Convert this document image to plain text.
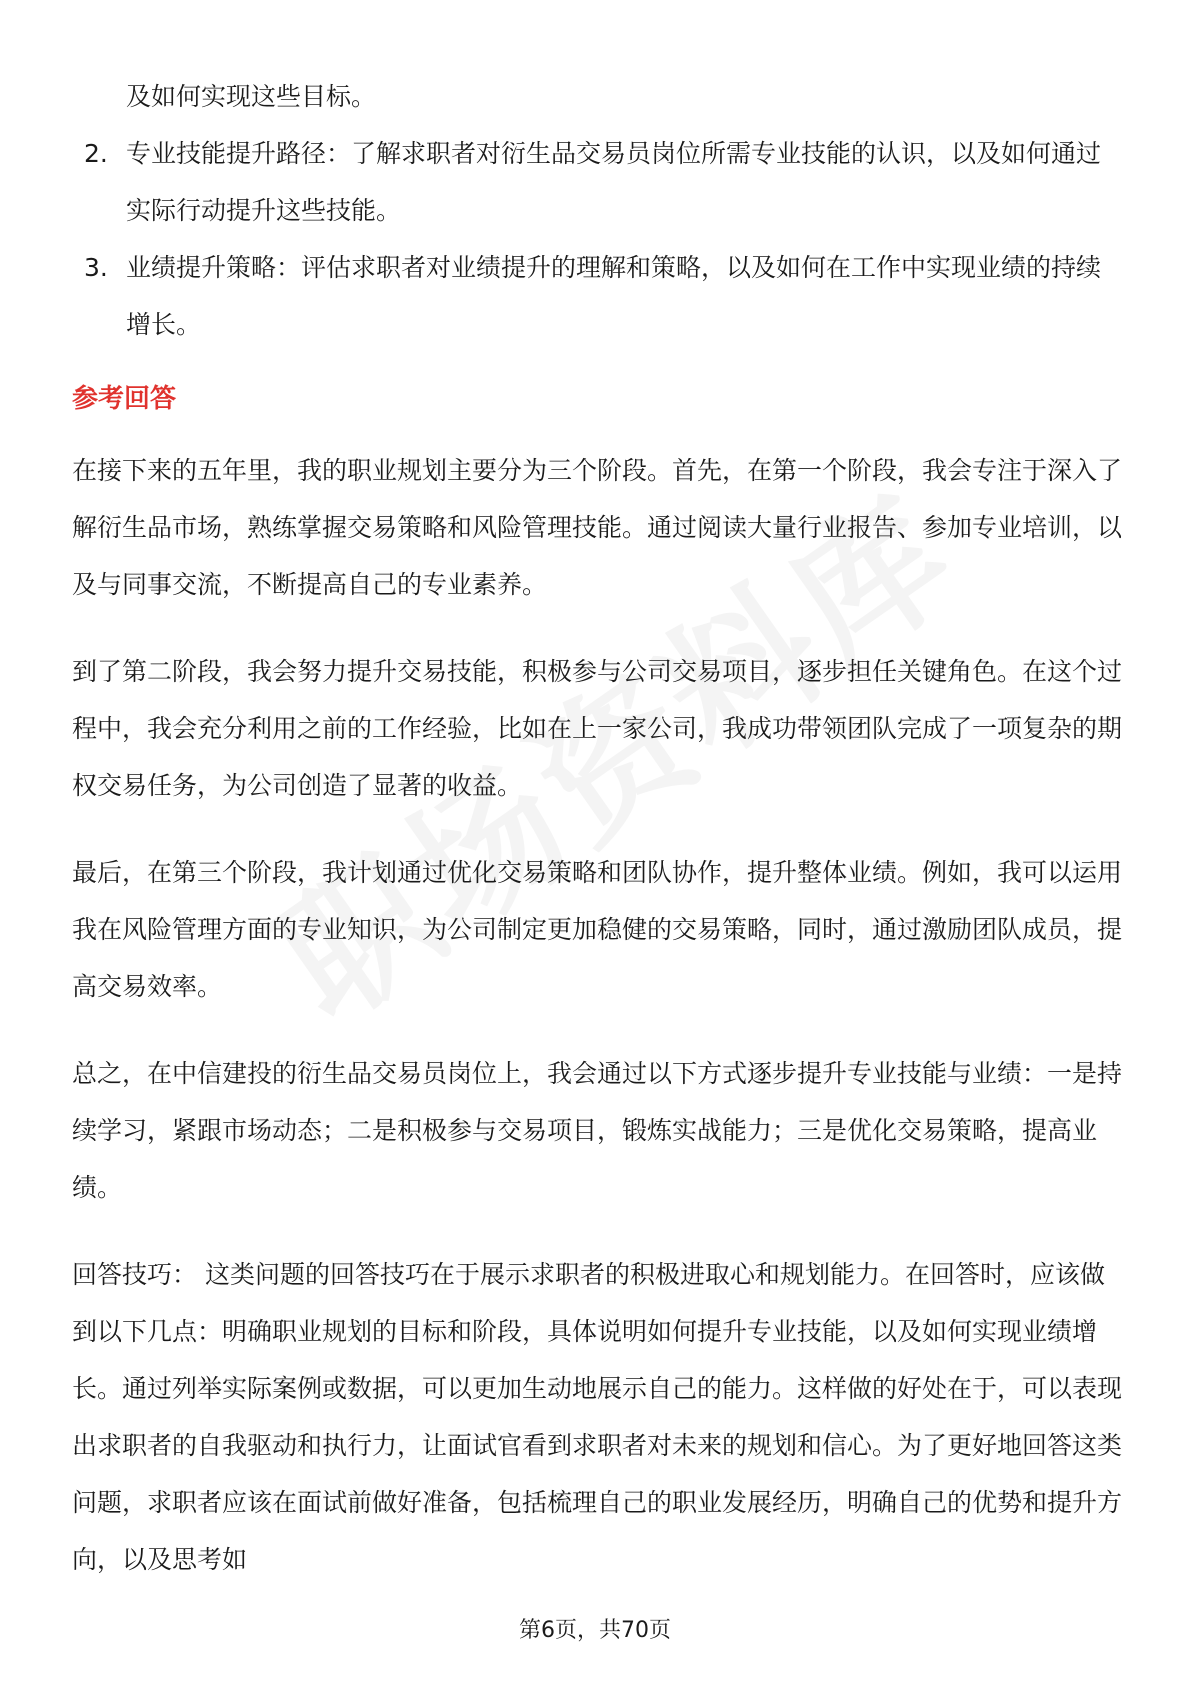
及如何实现这些目标。
2. 专业技能提升路径：了解求职者对衍生品交易员岗位所需专业技能的认识，以及如何通过实际行动提升这些技能。
3. 业绩提升策略：评估求职者对业绩提升的理解和策略，以及如何在工作中实现业绩的持续增长。
参考回答

在接下来的五年里，我的职业规划主要分为三个阶段。首先，在第一个阶段，我会专注于深入了解衍生品市场，熟练掌握交易策略和风险管理技能。通过阅读大量行业报告、参加专业培训，以及与同事交流，不断提高自己的专业素养。

到了第二阶段，我会努力提升交易技能，积极参与公司交易项目，逐步担任关键角色。在这个过程中，我会充分利用之前的工作经验，比如在上一家公司，我成功带领团队完成了一项复杂的期权交易任务，为公司创造了显著的收益。

最后，在第三个阶段，我计划通过优化交易策略和团队协作，提升整体业绩。例如，我可以运用我在风险管理方面的专业知识，为公司制定更加稳健的交易策略，同时，通过激励团队成员，提高交易效率。

总之，在中信建投的衍生品交易员岗位上，我会通过以下方式逐步提升专业技能与业绩：一是持续学习，紧跟市场动态；二是积极参与交易项目，锻炼实战能力；三是优化交易策略，提高业绩。

回答技巧： 这类问题的回答技巧在于展示求职者的积极进取心和规划能力。在回答时，应该做到以下几点：明确职业规划的目标和阶段，具体说明如何提升专业技能，以及如何实现业绩增长。通过列举实际案例或数据，可以更加生动地展示自己的能力。这样做的好处在于，可以表现出求职者的自我驱动和执行力，让面试官看到求职者对未来的规划和信心。为了更好地回答这类问题，求职者应该在面试前做好准备，包括梳理自己的职业发展经历，明确自己的优势和提升方向，以及思考如

第6页，共70页
